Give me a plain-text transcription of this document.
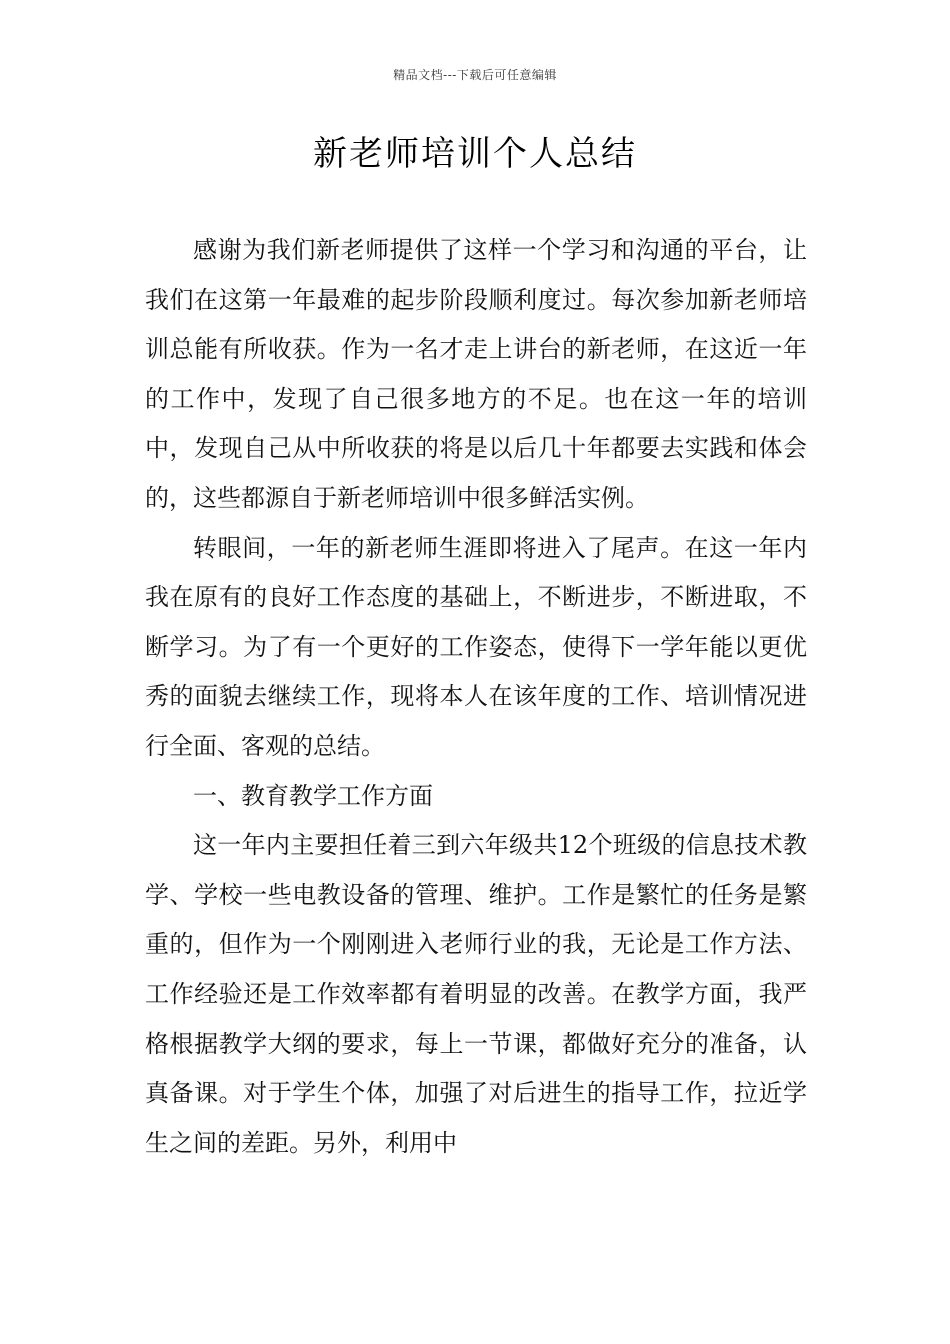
精品文档---下载后可任意编辑
新老师培训个人总结

感谢为我们新老师提供了这样一个学习和沟通的平台，让我们在这第一年最难的起步阶段顺利度过。每次参加新老师培训总能有所收获。作为一名才走上讲台的新老师，在这近一年的工作中，发现了自己很多地方的不足。也在这一年的培训中，发现自己从中所收获的将是以后几十年都要去实践和体会的，这些都源自于新老师培训中很多鲜活实例。

转眼间，一年的新老师生涯即将进入了尾声。在这一年内我在原有的良好工作态度的基础上，不断进步，不断进取，不断学习。为了有一个更好的工作姿态，使得下一学年能以更优秀的面貌去继续工作，现将本人在该年度的工作、培训情况进行全面、客观的总结。

一、教育教学工作方面

这一年内主要担任着三到六年级共12个班级的信息技术教学、学校一些电教设备的管理、维护。工作是繁忙的任务是繁重的，但作为一个刚刚进入老师行业的我，无论是工作方法、工作经验还是工作效率都有着明显的改善。在教学方面，我严格根据教学大纲的要求，每上一节课，都做好充分的准备，认真备课。对于学生个体，加强了对后进生的指导工作，拉近学生之间的差距。另外，利用中
